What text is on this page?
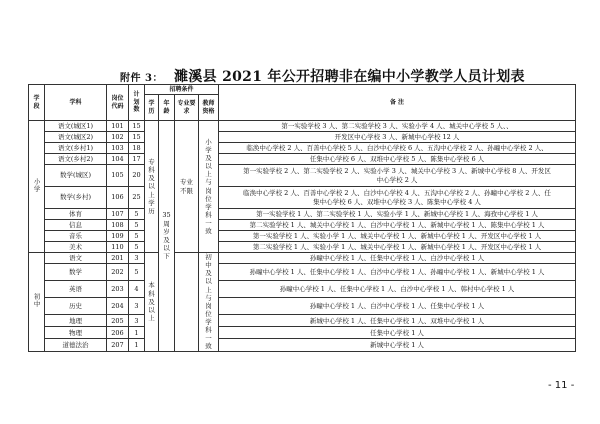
附件 3： 濉溪县 2021 年公开招聘非在编中小学教学人员计划表
学段	学科	岗位代码	计划数	招聘条件				备 注

				学历	年龄	专业要求	教师资格	

小学	语文(城区1)	101	15	专科及以上学历	35周岁及以下	专业不限	小学及以上与岗位学科一致	第一实验学校 3 人、第二实验学校 3 人、实验小学 4 人、城关中心学校 5 人、、
	语文(城区2)	102	15					开发区中心学校 3 人、新城中心学校 12 人
	语文(乡村1)	103	18					临涣中心学校 2 人、百善中心学校 5 人、白沙中心学校 6 人、五沟中心学校 2 人、孙疃中心学校 2 人、
	语文(乡村2)	104	17					任集中心学校 6 人、双堆中心学校 5 人、陈集中心学校 6 人
	数学(城区)	105	20					第一实验学校 2 人、第二实验学校 2 人、实验小学 3 人、城关中心学校 3 人、新城中心学校 8 人、开发区
中心学校 2 人

	数学(乡村)	106	25					临涣中心学校 2 人、百善中心学校 2 人、白沙中心学校 4 人、五沟中心学校 2 人、孙疃中心学校 2 人、任
集中心学校 6 人、双堆中心学校 3 人、陈集中心学校 4 人

	体育	107	5					第一实验学校 1 人、第二实验学校 1 人、实验小学 1 人、新城中心学校 1 人、海孜中心学校 1 人
	信息	108	5					第二实验学校 1 人、城关中心学校 1 人、白沙中心学校 1 人、新城中心学校 1 人、陈集中心学校 1 人
	音乐	109	5					第一实验学校 1 人、实验小学 1 人、城关中心学校 1 人、新城中心学校 1 人、开发区中心学校 1 人
	美术	110	5					第二实验学校 1 人、实验小学 1 人、城关中心学校 1 人、新城中心学校 1 人、开发区中心学校 1 人
初中	语文	201	3	本科及以上			初中及以上与岗位学科一致	孙疃中心学校 1 人、任集中心学校 1 人、白沙中心学校 1 人
	数学	202	5					孙疃中心学校 1 人、任集中心学校 1 人、白沙中心学校 1 人、孙疃中心学校 1 人、新城中心学校 1 人
	英语	203	4					孙疃中心学校 1 人、任集中心学校 1 人、白沙中心学校 1 人、韩村中心学校 1 人
	历史	204	3					孙疃中心学校 1 人、白沙中心学校 1 人、任集中心学校 1 人
	地理	205	3					新城中心学校 1 人、任集中心学校 1 人、双堆中心学校 1 人
	物理	206	1					任集中心学校 1 人
	道德法治	207	1					新城中心学校 1 人
- 11 -
